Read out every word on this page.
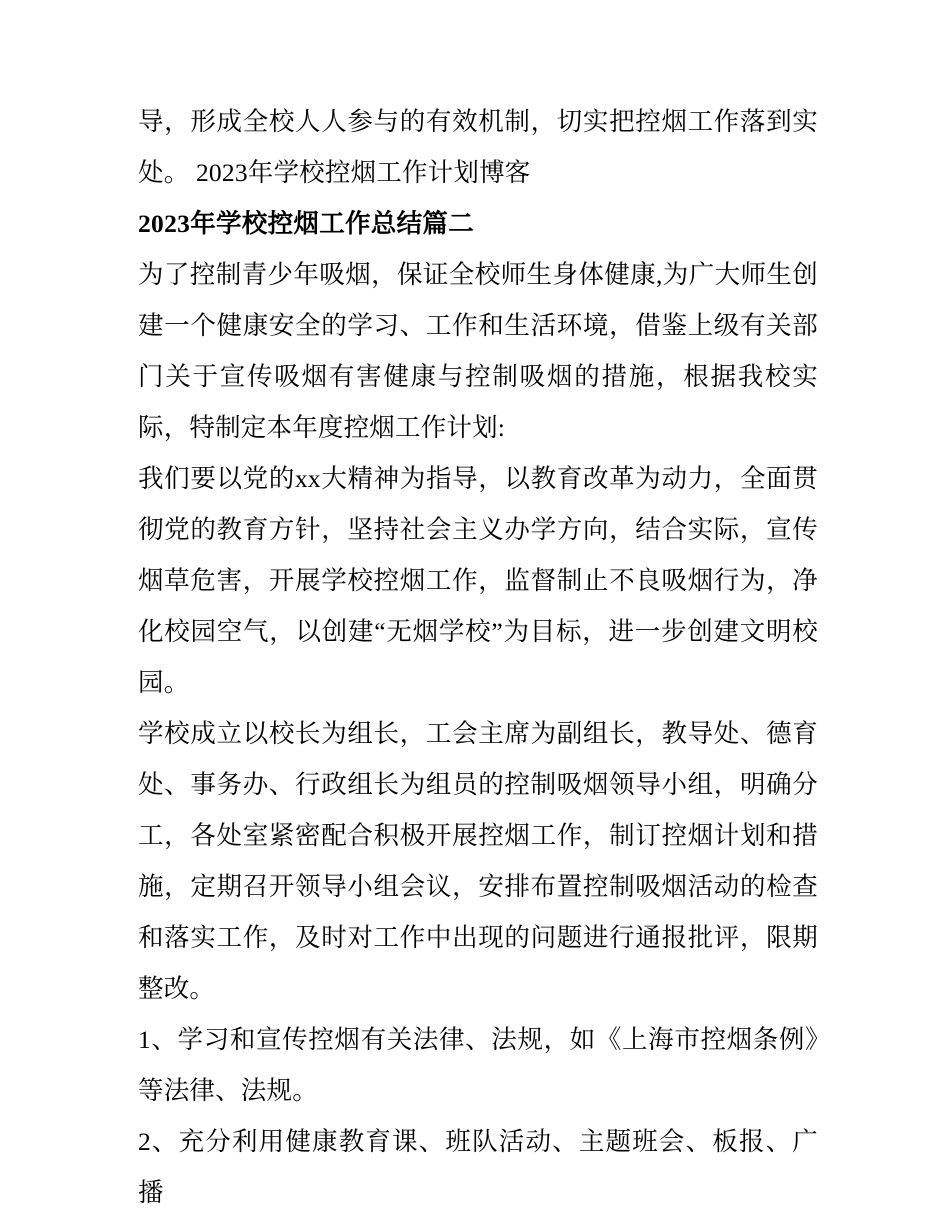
导，形成全校人人参与的有效机制，切实把控烟工作落到实处。 2023年学校控烟工作计划博客

2023年学校控烟工作总结篇二

为了控制青少年吸烟，保证全校师生身体健康,为广大师生创建一个健康安全的学习、工作和生活环境，借鉴上级有关部门关于宣传吸烟有害健康与控制吸烟的措施，根据我校实际，特制定本年度控烟工作计划:

我们要以党的xx大精神为指导，以教育改革为动力，全面贯彻党的教育方针，坚持社会主义办学方向，结合实际，宣传烟草危害，开展学校控烟工作，监督制止不良吸烟行为，净化校园空气，以创建“无烟学校”为目标，进一步创建文明校园。

学校成立以校长为组长，工会主席为副组长，教导处、德育处、事务办、行政组长为组员的控制吸烟领导小组，明确分工，各处室紧密配合积极开展控烟工作，制订控烟计划和措施，定期召开领导小组会议，安排布置控制吸烟活动的检查和落实工作，及时对工作中出现的问题进行通报批评，限期整改。

1、学习和宣传控烟有关法律、法规，如《上海市控烟条例》等法律、法规。

2、充分利用健康教育课、班队活动、主题班会、板报、广播
